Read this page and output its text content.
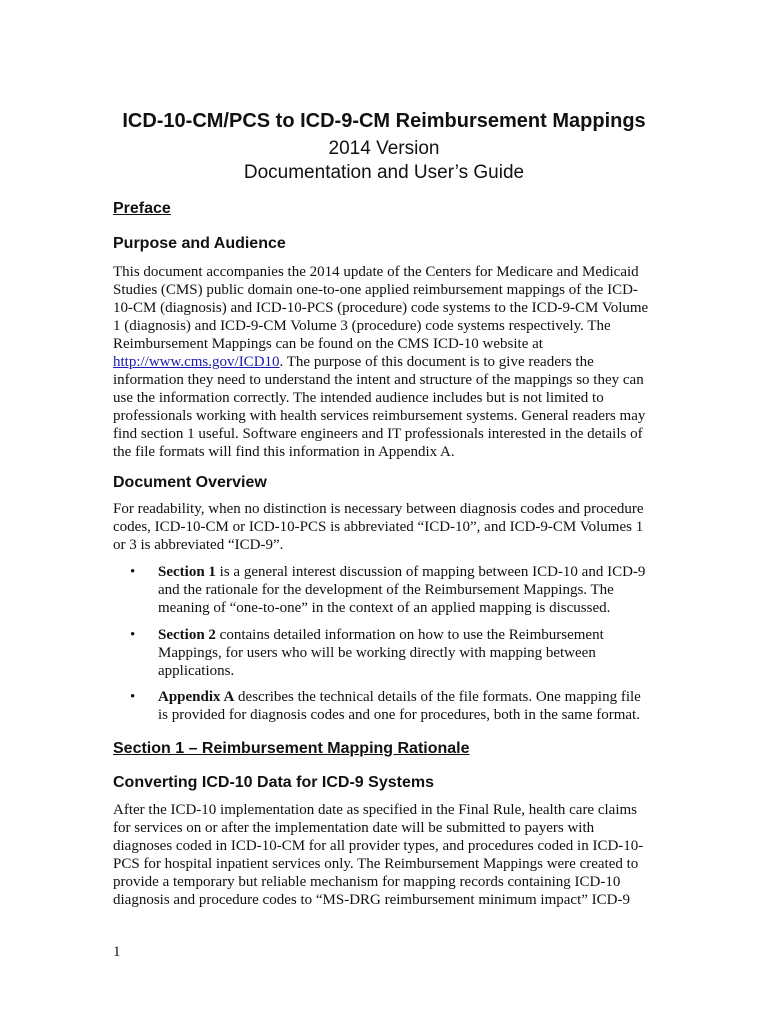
ICD-10-CM/PCS to ICD-9-CM Reimbursement Mappings
2014 Version
Documentation and User’s Guide
Preface
Purpose and Audience
This document accompanies the 2014 update of the Centers for Medicare and Medicaid
Studies (CMS) public domain one-to-one applied reimbursement mappings of the ICD-
10-CM (diagnosis) and ICD-10-PCS (procedure) code systems to the ICD-9-CM Volume
1 (diagnosis) and ICD-9-CM Volume 3 (procedure) code systems respectively. The
Reimbursement Mappings can be found on the CMS ICD-10 website at
http://www.cms.gov/ICD10. The purpose of this document is to give readers the
information they need to understand the intent and structure of the mappings so they can
use the information correctly. The intended audience includes but is not limited to
professionals working with health services reimbursement systems. General readers may
find section 1 useful. Software engineers and IT professionals interested in the details of
the file formats will find this information in Appendix A.
Document Overview
For readability, when no distinction is necessary between diagnosis codes and procedure
codes, ICD-10-CM or ICD-10-PCS is abbreviated “ICD-10”, and ICD-9-CM Volumes 1
or 3 is abbreviated “ICD-9”.
• Section 1 is a general interest discussion of mapping between ICD-10 and ICD-9
and the rationale for the development of the Reimbursement Mappings. The
meaning of “one-to-one” in the context of an applied mapping is discussed.
• Section 2 contains detailed information on how to use the Reimbursement
Mappings, for users who will be working directly with mapping between
applications.
• Appendix A describes the technical details of the file formats. One mapping file
is provided for diagnosis codes and one for procedures, both in the same format.
Section 1 – Reimbursement Mapping Rationale
Converting ICD-10 Data for ICD-9 Systems
After the ICD-10 implementation date as specified in the Final Rule, health care claims
for services on or after the implementation date will be submitted to payers with
diagnoses coded in ICD-10-CM for all provider types, and procedures coded in ICD-10-
PCS for hospital inpatient services only. The Reimbursement Mappings were created to
provide a temporary but reliable mechanism for mapping records containing ICD-10
diagnosis and procedure codes to “MS-DRG reimbursement minimum impact” ICD-9
1
